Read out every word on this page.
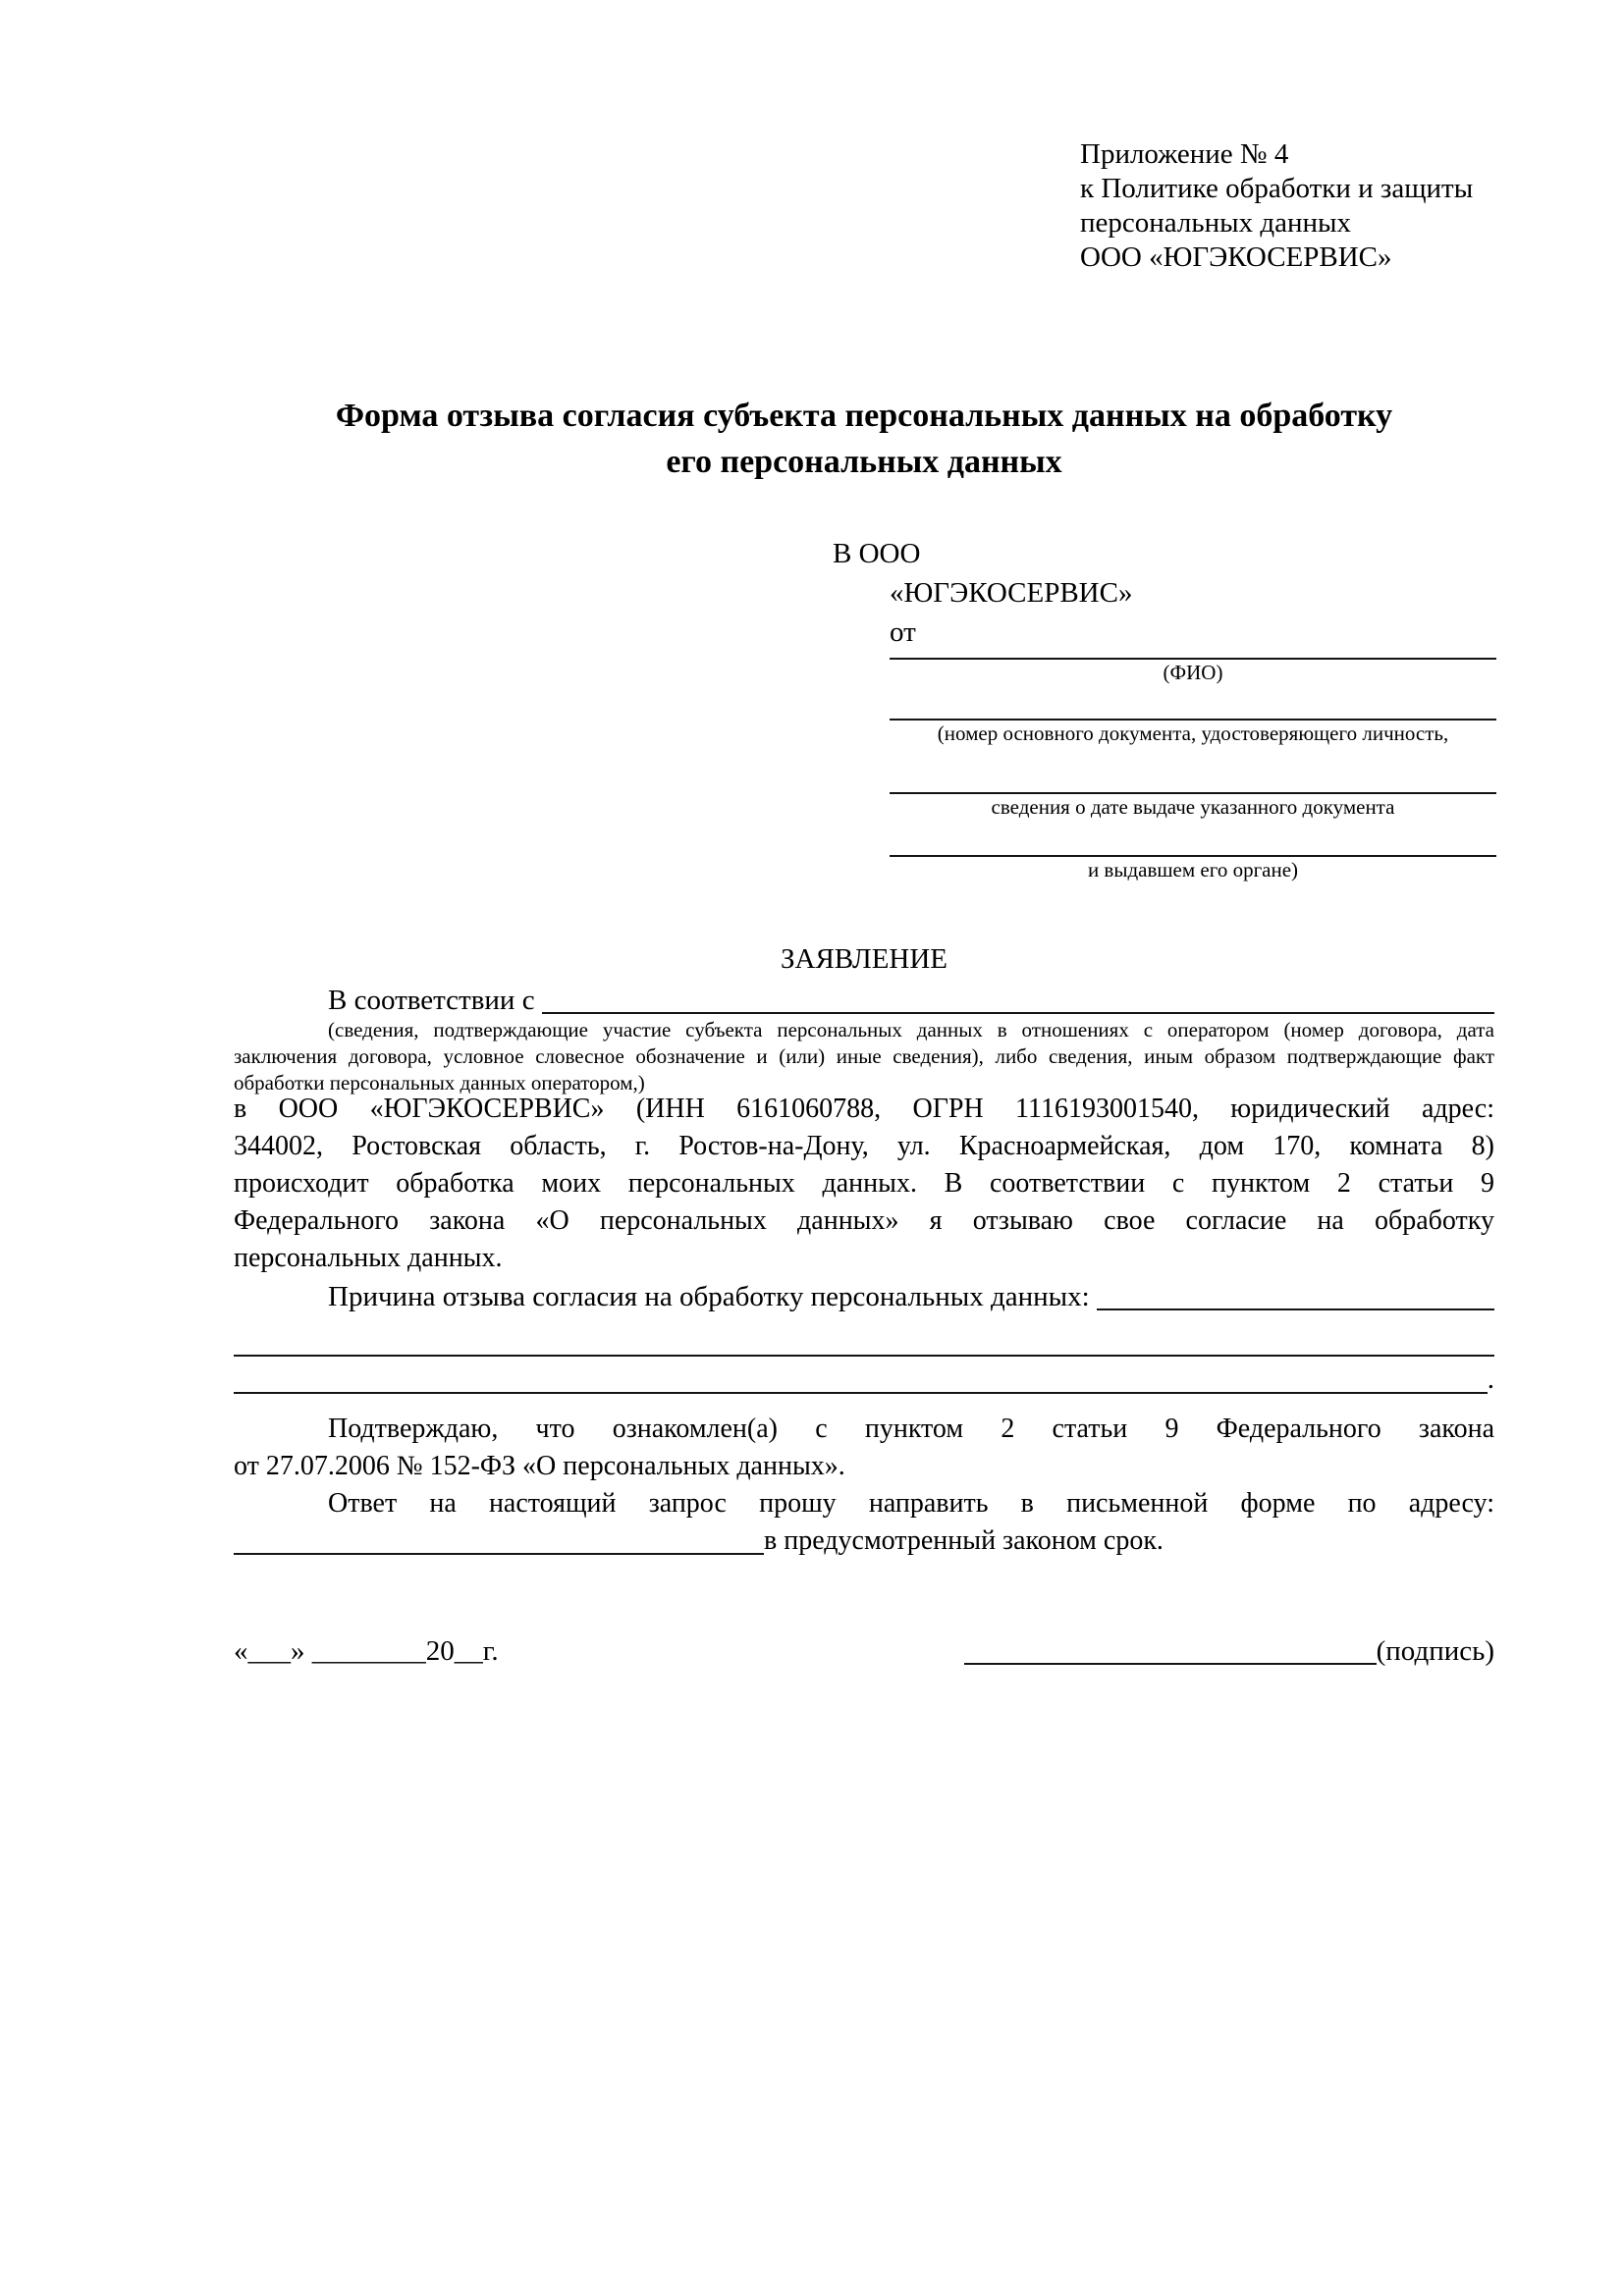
Приложение № 4
к Политике обработки и защиты
персональных данных
ООО «ЮГЭКОСЕРВИС»
Форма отзыва согласия субъекта персональных данных на обработку
его персональных данных
В ООО
«ЮГЭКОСЕРВИС»
от
(ФИО)
(номер основного документа, удостоверяющего личность,
сведения о дате выдаче указанного документа
и выдавшем его органе)
ЗАЯВЛЕНИЕ
В соответствии с
(сведения, подтверждающие участие субъекта персональных данных в отношениях с оператором (номер договора, дата
заключения договора, условное словесное обозначение и (или) иные сведения), либо сведения, иным образом подтверждающие факт
обработки персональных данных оператором,)
в ООО «ЮГЭКОСЕРВИС» (ИНН 6161060788, ОГРН 1116193001540, юридический адрес:
344002, Ростовская область, г. Ростов-на-Дону, ул. Красноармейская, дом 170, комната 8)
происходит обработка моих персональных данных. В соответствии с пунктом 2 статьи 9
Федерального закона «О персональных данных» я отзываю свое согласие на обработку
персональных данных.
Причина отзыва согласия на обработку персональных данных:
.
Подтверждаю, что ознакомлен(а) с пунктом 2 статьи 9 Федерального закона
от 27.07.2006 № 152-ФЗ «О персональных данных».
Ответ на настоящий запрос прошу направить в письменной форме по адресу:
в предусмотренный законом срок.
«___» ________20__г.	(подпись)
